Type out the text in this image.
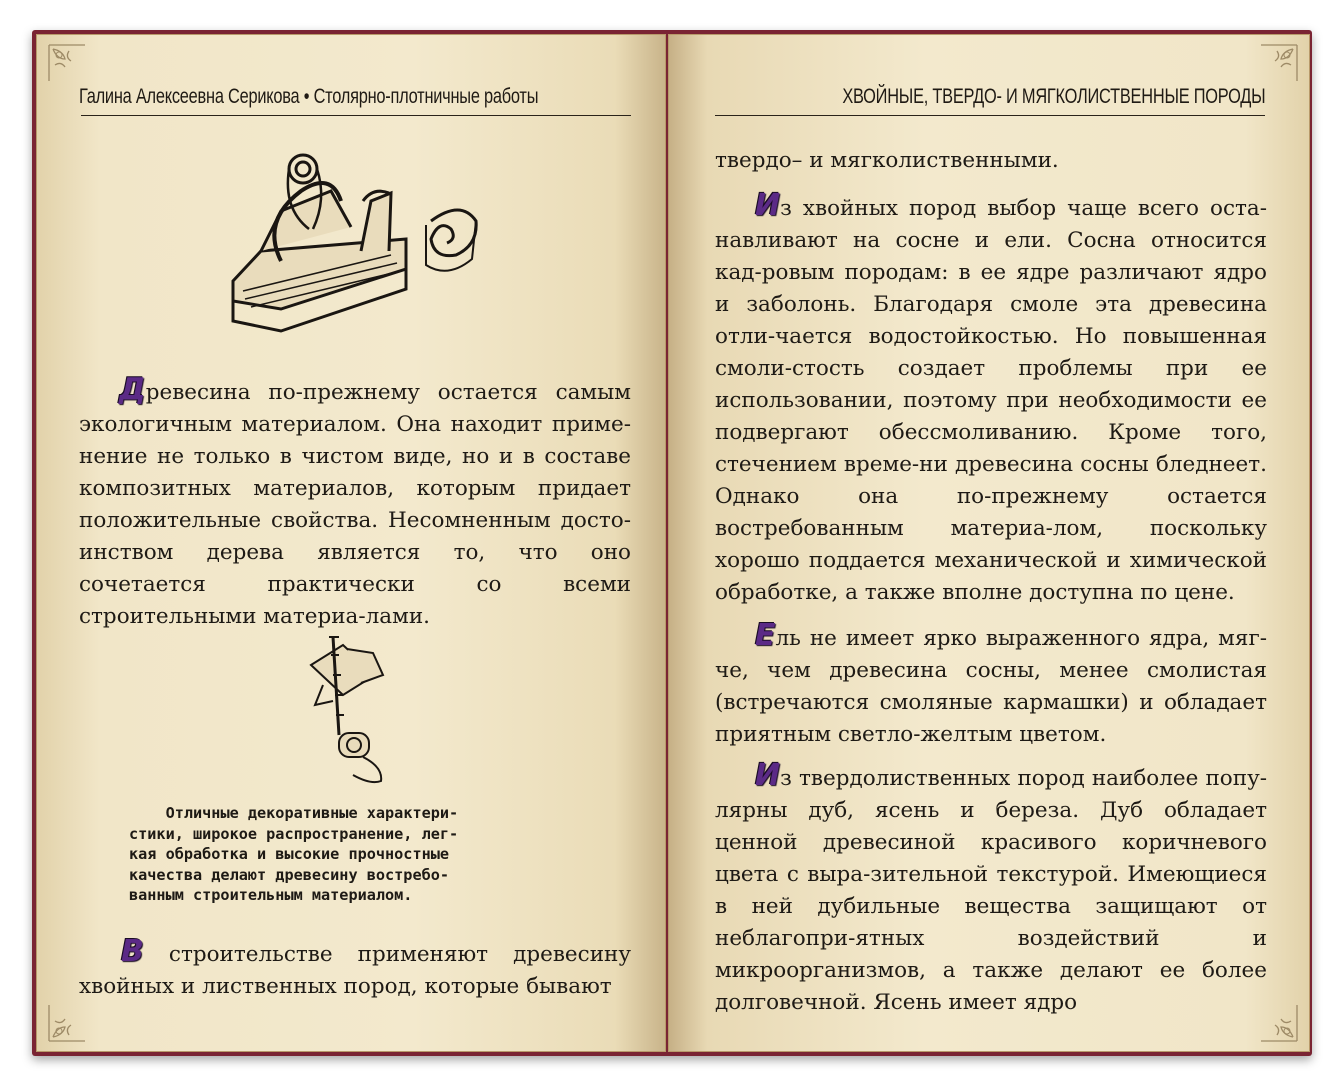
Галина Алексеевна Серикова • Столярно-плотничные работы

Древесина по-прежнему остается самым экологичным материалом. Она находит приме-нение не только в чистом виде, но и в составе композитных материалов, которым придает положительные свойства. Несомненным досто-инством дерева является то, что оно сочетается практически со всеми строительными материа-лами.

Отличные декоративные характери-
стики, широкое распространение, лег-
кая обработка и высокие прочностные
качества делают древесину востребо-
ванным строительным материалом.

В строительстве применяют древесину хвойных и лиственных пород, которые бывают

ХВОЙНЫЕ, ТВЕРДО- И МЯГКОЛИСТВЕННЫЕ ПОРОДЫ

твердо– и мягколиственными.

Из хвойных пород выбор чаще всего оста-навливают на сосне и ели. Сосна относится кад-ровым породам: в ее ядре различают ядро и заболонь. Благодаря смоле эта древесина отли-чается водостойкостью. Но повышенная смоли-стость создает проблемы при ее использовании, поэтому при необходимости ее подвергают обессмоливанию. Кроме того, стечением време-ни древесина сосны бледнеет. Однако она по-прежнему остается востребованным материа-лом, поскольку хорошо поддается механической и химической обработке, а также вполне доступна по цене.

Ель не имеет ярко выраженного ядра, мяг-че, чем древесина сосны, менее смолистая (встречаются смоляные кармашки) и обладает приятным светло-желтым цветом.

Из твердолиственных пород наиболее попу-лярны дуб, ясень и береза. Дуб обладает ценной древесиной красивого коричневого цвета с выра-зительной текстурой. Имеющиеся в ней дубильные вещества защищают от неблагопри-ятных воздействий и микроорганизмов, а также делают ее более долговечной. Ясень имеет ядро
